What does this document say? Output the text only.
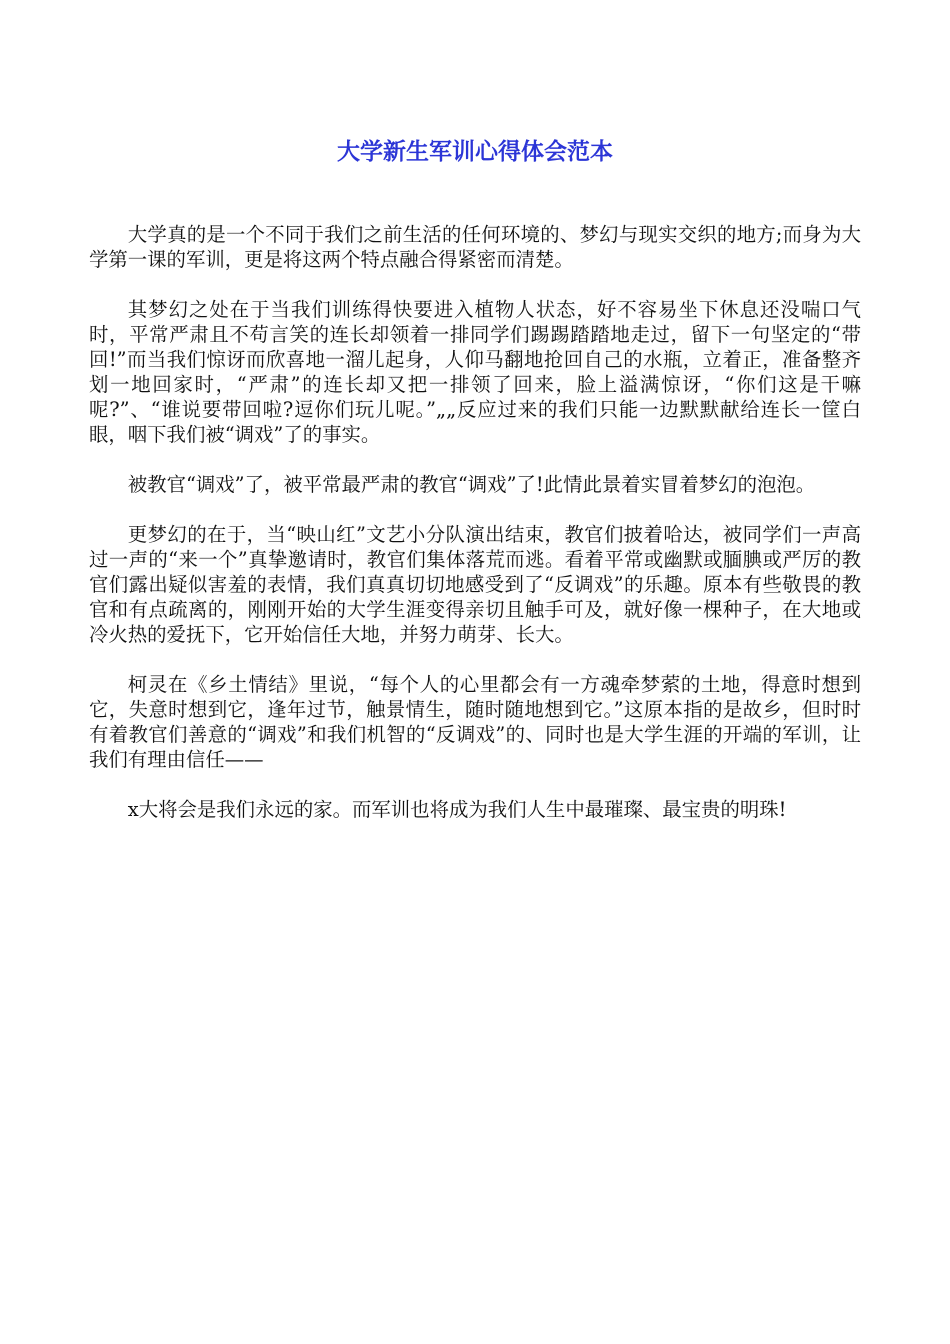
大学新生军训心得体会范本

大学真的是一个不同于我们之前生活的任何环境的、梦幻与现实交织的地方;而身为大学第一课的军训，更是将这两个特点融合得紧密而清楚。

其梦幻之处在于当我们训练得快要进入植物人状态，好不容易坐下休息还没喘口气时，平常严肃且不苟言笑的连长却领着一排同学们踢踢踏踏地走过，留下一句坚定的“带回!”而当我们惊讶而欣喜地一溜儿起身，人仰马翻地抢回自己的水瓶，立着正，准备整齐划一地回家时，“严肃”的连长却又把一排领了回来，脸上溢满惊讶，“你们这是干嘛呢?”、“谁说要带回啦?逗你们玩儿呢。”„„反应过来的我们只能一边默默献给连长一筐白眼，咽下我们被“调戏”了的事实。

被教官“调戏”了，被平常最严肃的教官“调戏”了!此情此景着实冒着梦幻的泡泡。

更梦幻的在于，当“映山红”文艺小分队演出结束，教官们披着哈达，被同学们一声高过一声的“来一个”真挚邀请时，教官们集体落荒而逃。看着平常或幽默或腼腆或严厉的教官们露出疑似害羞的表情，我们真真切切地感受到了“反调戏”的乐趣。原本有些敬畏的教官和有点疏离的，刚刚开始的大学生涯变得亲切且触手可及，就好像一棵种子，在大地或冷火热的爱抚下，它开始信任大地，并努力萌芽、长大。

柯灵在《乡土情结》里说，“每个人的心里都会有一方魂牵梦萦的土地，得意时想到它，失意时想到它，逢年过节，触景情生，随时随地想到它。”这原本指的是故乡，但时时有着教官们善意的“调戏”和我们机智的“反调戏”的、同时也是大学生涯的开端的军训，让我们有理由信任——

x大将会是我们永远的家。而军训也将成为我们人生中最璀璨、最宝贵的明珠!
